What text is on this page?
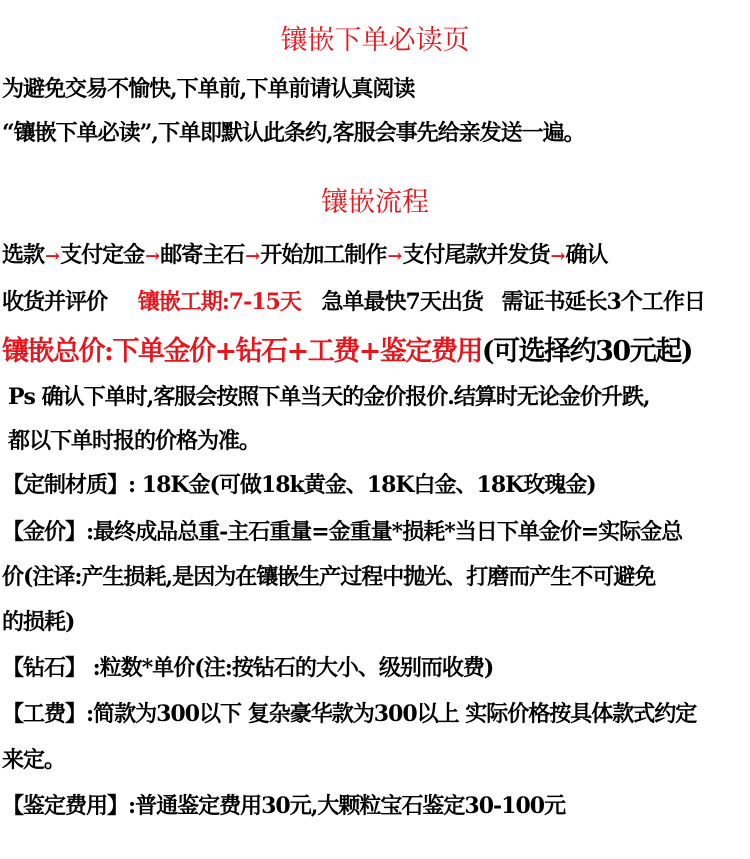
镶嵌下单必读页
为避免交易不愉快,下单前,下单前请认真阅读
“镶嵌下单必读”,下单即默认此条约,客服会事先给亲发送一遍。
镶嵌流程
选款→支付定金→邮寄主石→开始加工制作→支付尾款并发货→确认
收货并评价 镶嵌工期:7-15天 急单最快7天出货 需证书延长3个工作日
镶嵌总价:下单金价+钻石+工费+鉴定费用(可选择约30元起)
Ps 确认下单时,客服会按照下单当天的金价报价.结算时无论金价升跌,
都以下单时报的价格为准。
【定制材质】: 18K金(可做18k黄金、18K白金、18K玫瑰金)
【金价】:最终成品总重-主石重量=金重量*损耗*当日下单金价=实际金总
价(注译:产生损耗,是因为在镶嵌生产过程中抛光、打磨而产生不可避免
的损耗)
【钻石】 :粒数*单价(注:按钻石的大小、级别而收费)
【工费】:简款为300以下 复杂豪华款为300以上 实际价格按具体款式约定
来定。
【鉴定费用】:普通鉴定费用30元,大颗粒宝石鉴定30-100元
